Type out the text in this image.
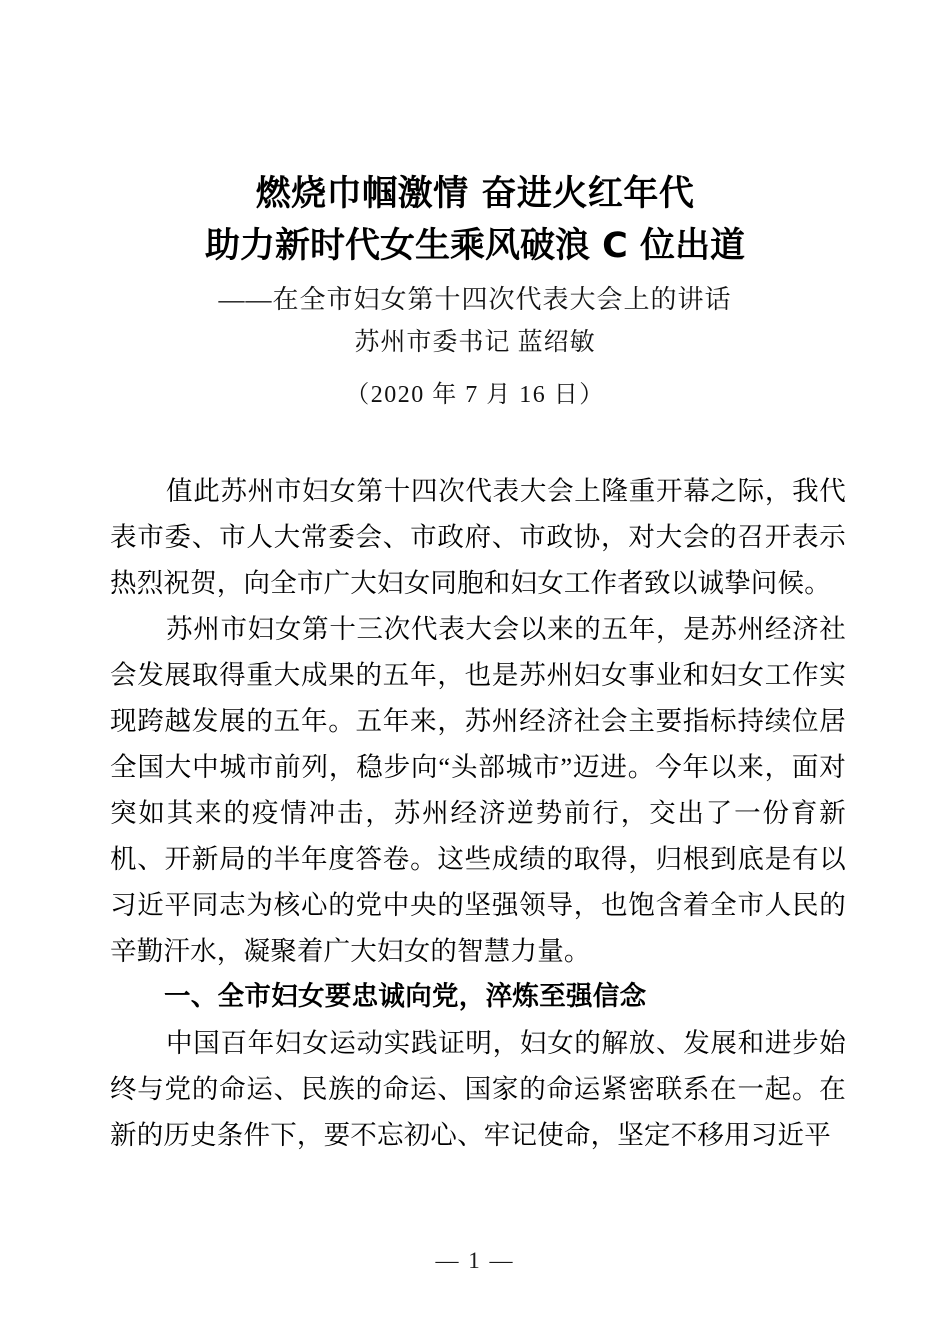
燃烧巾帼激情 奋进火红年代
助力新时代女生乘风破浪 C 位出道
——在全市妇女第十四次代表大会上的讲话
苏州市委书记 蓝绍敏
（2020 年 7 月 16 日）

值此苏州市妇女第十四次代表大会上隆重开幕之际，我代表市委、市人大常委会、市政府、市政协，对大会的召开表示热烈祝贺，向全市广大妇女同胞和妇女工作者致以诚挚问候。

苏州市妇女第十三次代表大会以来的五年，是苏州经济社会发展取得重大成果的五年，也是苏州妇女事业和妇女工作实现跨越发展的五年。五年来，苏州经济社会主要指标持续位居全国大中城市前列，稳步向“头部城市”迈进。今年以来，面对突如其来的疫情冲击，苏州经济逆势前行，交出了一份育新机、开新局的半年度答卷。这些成绩的取得，归根到底是有以习近平同志为核心的党中央的坚强领导，也饱含着全市人民的辛勤汗水，凝聚着广大妇女的智慧力量。

一、全市妇女要忠诚向党，淬炼至强信念

中国百年妇女运动实践证明，妇女的解放、发展和进步始终与党的命运、民族的命运、国家的命运紧密联系在一起。在新的历史条件下，要不忘初心、牢记使命，坚定不移用习近平

— 1 —
